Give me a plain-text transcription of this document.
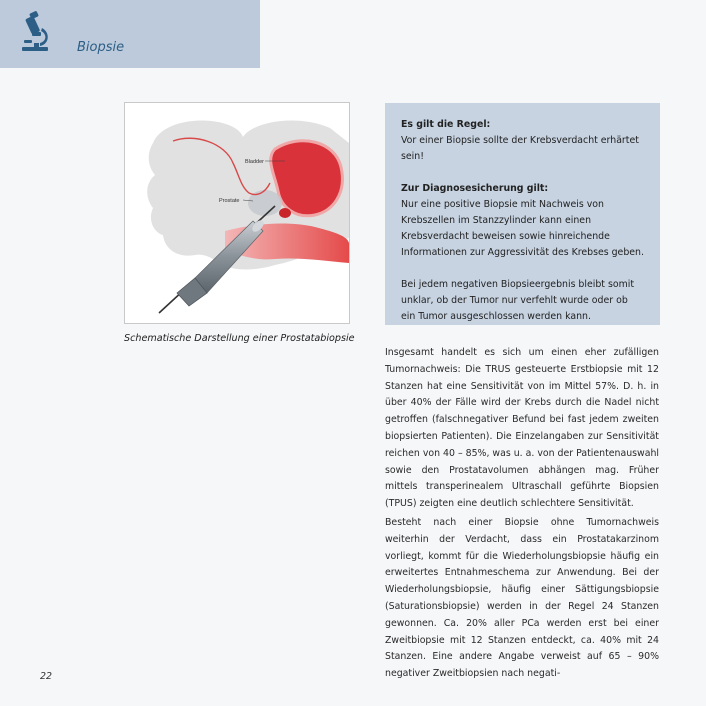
Biopsie
Bladder
Prostate
Schematische Darstellung einer Prostatabiopsie

Es gilt die Regel:

Vor einer Biopsie sollte der Krebsverdacht erhärtet sein!

Zur Diagnosesicherung gilt:

Nur eine positive Biopsie mit Nachweis von Krebszellen im Stanzzylinder kann einen Krebsverdacht beweisen sowie hinreichende Informationen zur Aggressivität des Krebses geben.

Bei jedem negativen Biopsieergebnis bleibt somit unklar, ob der Tumor nur verfehlt wurde oder ob ein Tumor ausgeschlossen werden kann.

Insgesamt handelt es sich um einen eher zufälligen Tumornachweis: Die TRUS gesteuerte Erstbiopsie mit 12 Stanzen hat eine Sensitivität von im Mittel 57%. D. h. in über 40% der Fälle wird der Krebs durch die Nadel nicht getroffen (falschnegativer Befund bei fast jedem zweiten biopsierten Patienten). Die Einzelangaben zur Sensitivität reichen von 40 – 85%, was u. a. von der Patientenauswahl sowie den Prostatavolumen abhängen mag. Früher mittels transperinealem Ultraschall geführte Biopsien (TPUS) zeigten eine deutlich schlechtere Sensitivität.

Besteht nach einer Biopsie ohne Tumornachweis weiterhin der Verdacht, dass ein Prostatakarzinom vorliegt, kommt für die Wiederholungsbiopsie häufig ein erweitertes Entnahmeschema zur Anwendung. Bei der Wiederholungsbiopsie, häufig einer Sättigungsbiopsie (Saturationsbiopsie) werden in der Regel 24 Stanzen gewonnen. Ca. 20% aller PCa werden erst bei einer Zweitbiopsie mit 12 Stanzen entdeckt, ca. 40% mit 24 Stanzen. Eine andere Angabe verweist auf 65 – 90% negativer Zweitbiopsien nach negati-

22
